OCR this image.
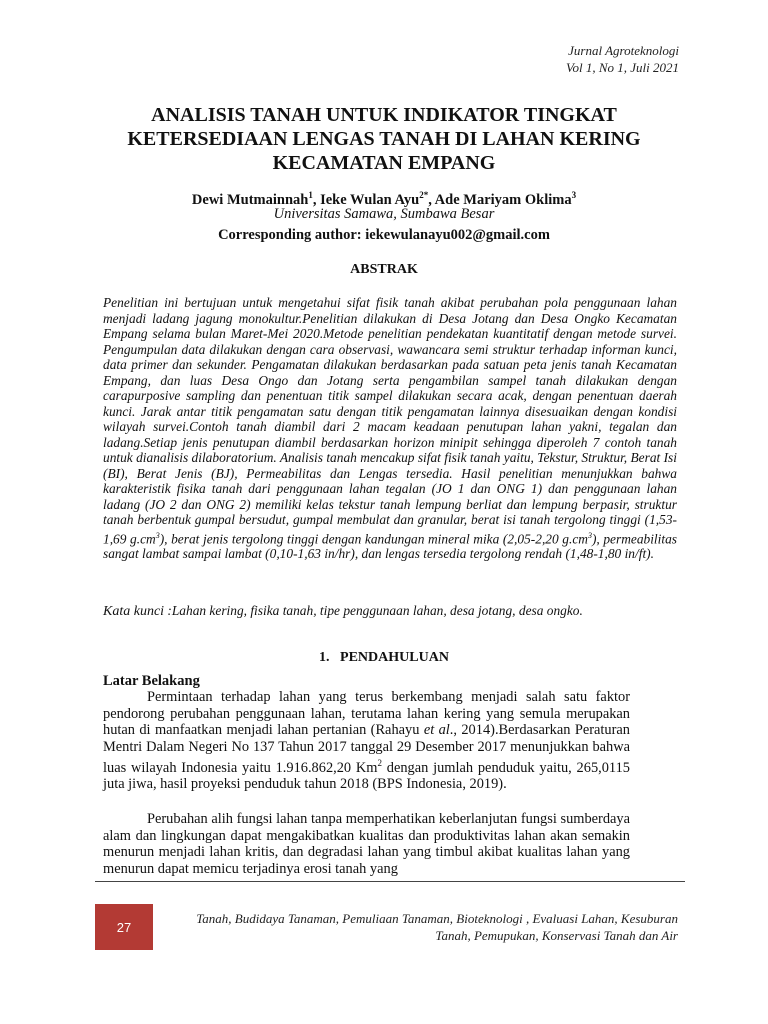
Jurnal Agroteknologi
Vol 1, No 1, Juli 2021
ANALISIS TANAH UNTUK INDIKATOR TINGKAT
KETERSEDIAAN LENGAS TANAH DI LAHAN KERING
KECAMATAN EMPANG
Dewi Mutmainnah$^1$, Ieke Wulan Ayu$^{2*}$, Ade Mariyam Oklima$^3$
Universitas Samawa, Sumbawa Besar
Corresponding author: iekewulanayu002@gmail.com
ABSTRAK

Penelitian ini bertujuan untuk mengetahui sifat fisik tanah akibat perubahan pola penggunaan lahan menjadi ladang jagung monokultur.Penelitian dilakukan di Desa Jotang dan Desa Ongko Kecamatan Empang selama bulan Maret-Mei 2020.Metode penelitian pendekatan kuantitatif dengan metode survei. Pengumpulan data dilakukan dengan cara observasi, wawancara semi struktur terhadap informan kunci, data primer dan sekunder. Pengamatan dilakukan berdasarkan pada satuan peta jenis tanah Kecamatan Empang, dan luas Desa Ongo dan Jotang serta pengambilan sampel tanah dilakukan dengan carapurposive sampling dan penentuan titik sampel dilakukan secara acak, dengan penentuan daerah kunci. Jarak antar titik pengamatan satu dengan titik pengamatan lainnya disesuaikan dengan kondisi wilayah survei.Contoh tanah diambil dari 2 macam keadaan penutupan lahan yakni, tegalan dan ladang.Setiap jenis penutupan diambil berdasarkan horizon minipit sehingga diperoleh 7 contoh tanah untuk dianalisis dilaboratorium. Analisis tanah mencakup sifat fisik tanah yaitu, Tekstur, Struktur, Berat Isi (BI), Berat Jenis (BJ), Permeabilitas dan Lengas tersedia. Hasil penelitian menunjukkan bahwa karakteristik fisika tanah dari penggunaan lahan tegalan (JO 1 dan ONG 1) dan penggunaan lahan ladang (JO 2 dan ONG 2) memiliki kelas tekstur tanah lempung berliat dan lempung berpasir, struktur tanah berbentuk gumpal bersudut, gumpal membulat dan granular, berat isi tanah tergolong tinggi (1,53-1,69 $g.cm^3$), berat jenis tergolong tinggi dengan kandungan mineral mika (2,05-2,20 $g.cm^3$), permeabilitas sangat lambat sampai lambat (0,10-1,63 in/hr), dan lengas tersedia tergolong rendah (1,48-1,80 in/ft).

Kata kunci :Lahan kering, fisika tanah, tipe penggunaan lahan, desa jotang, desa ongko.
1.   PENDAHULUAN
Latar Belakang

Permintaan terhadap lahan yang terus berkembang menjadi salah satu faktor pendorong perubahan penggunaan lahan, terutama lahan kering yang semula merupakan hutan di manfaatkan menjadi lahan pertanian (Rahayu et al., 2014).Berdasarkan Peraturan Mentri Dalam Negeri No 137 Tahun 2017 tanggal 29 Desember 2017 menunjukkan bahwa luas wilayah Indonesia yaitu 1.916.862,20 Km$^2$ dengan jumlah penduduk yaitu, 265,0115 juta jiwa, hasil proyeksi penduduk tahun 2018 (BPS Indonesia, 2019).

Perubahan alih fungsi lahan tanpa memperhatikan keberlanjutan fungsi sumberdaya alam dan lingkungan dapat mengakibatkan kualitas dan produktivitas lahan akan semakin menurun menjadi lahan kritis, dan degradasi lahan yang timbul akibat kualitas lahan yang menurun dapat memicu terjadinya erosi tanah yang

27
Tanah, Budidaya Tanaman, Pemuliaan Tanaman, Bioteknologi , Evaluasi Lahan, Kesuburan
Tanah, Pemupukan, Konservasi Tanah dan Air
